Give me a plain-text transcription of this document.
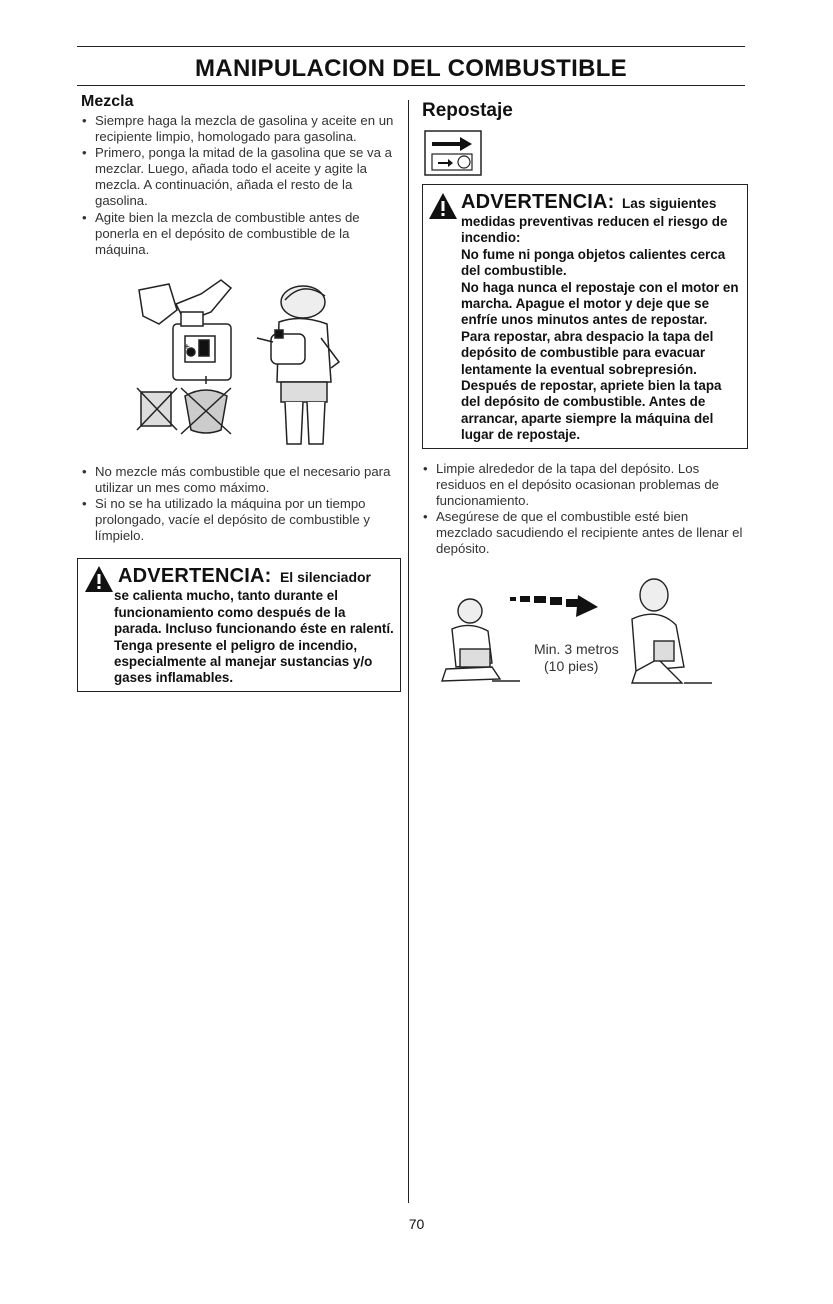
MANIPULACION DEL COMBUSTIBLE
Mezcla
• Siempre haga la mezcla de gasolina y aceite en un recipiente limpio, homologado para gasolina.
• Primero, ponga la mitad de la gasolina que se va a mezclar. Luego, añada todo el aceite y agite la mezcla. A continuación, añada el resto de la gasolina.
• Agite bien la mezcla de combustible antes de ponerla en el depósito de combustible de la máquina.
+
• No mezcle más combustible que el necesario para utilizar un mes como máximo.
• Si no se ha utilizado la máquina por un tiempo prolongado, vacíe el depósito de combustible y límpielo.
ADVERTENCIA: El silenciador
se calienta mucho, tanto durante el funcionamiento como después de la parada. Incluso funcionando éste en ralentí. Tenga presente el peligro de incendio, especialmente al manejar sustancias y/o gases inflamables.
Repostaje
ADVERTENCIA: Las siguientes
medidas preventivas reducen el riesgo de incendio:
No fume ni ponga objetos calientes cerca del combustible.
No haga nunca el repostaje con el motor en marcha. Apague el motor y deje que se enfríe unos minutos antes de repostar.
Para repostar, abra despacio la tapa del depósito de combustible para evacuar lentamente la eventual sobrepresión.
Después de repostar, apriete bien la tapa del depósito de combustible. Antes de arrancar, aparte siempre la máquina del lugar de repostaje.
• Limpie alrededor de la tapa del depósito. Los residuos en el depósito ocasionan problemas de funcionamiento.
• Asegúrese de que el combustible esté bien mezclado sacudiendo el recipiente antes de llenar el depósito.
Min. 3 metros
(10 pies)
70
